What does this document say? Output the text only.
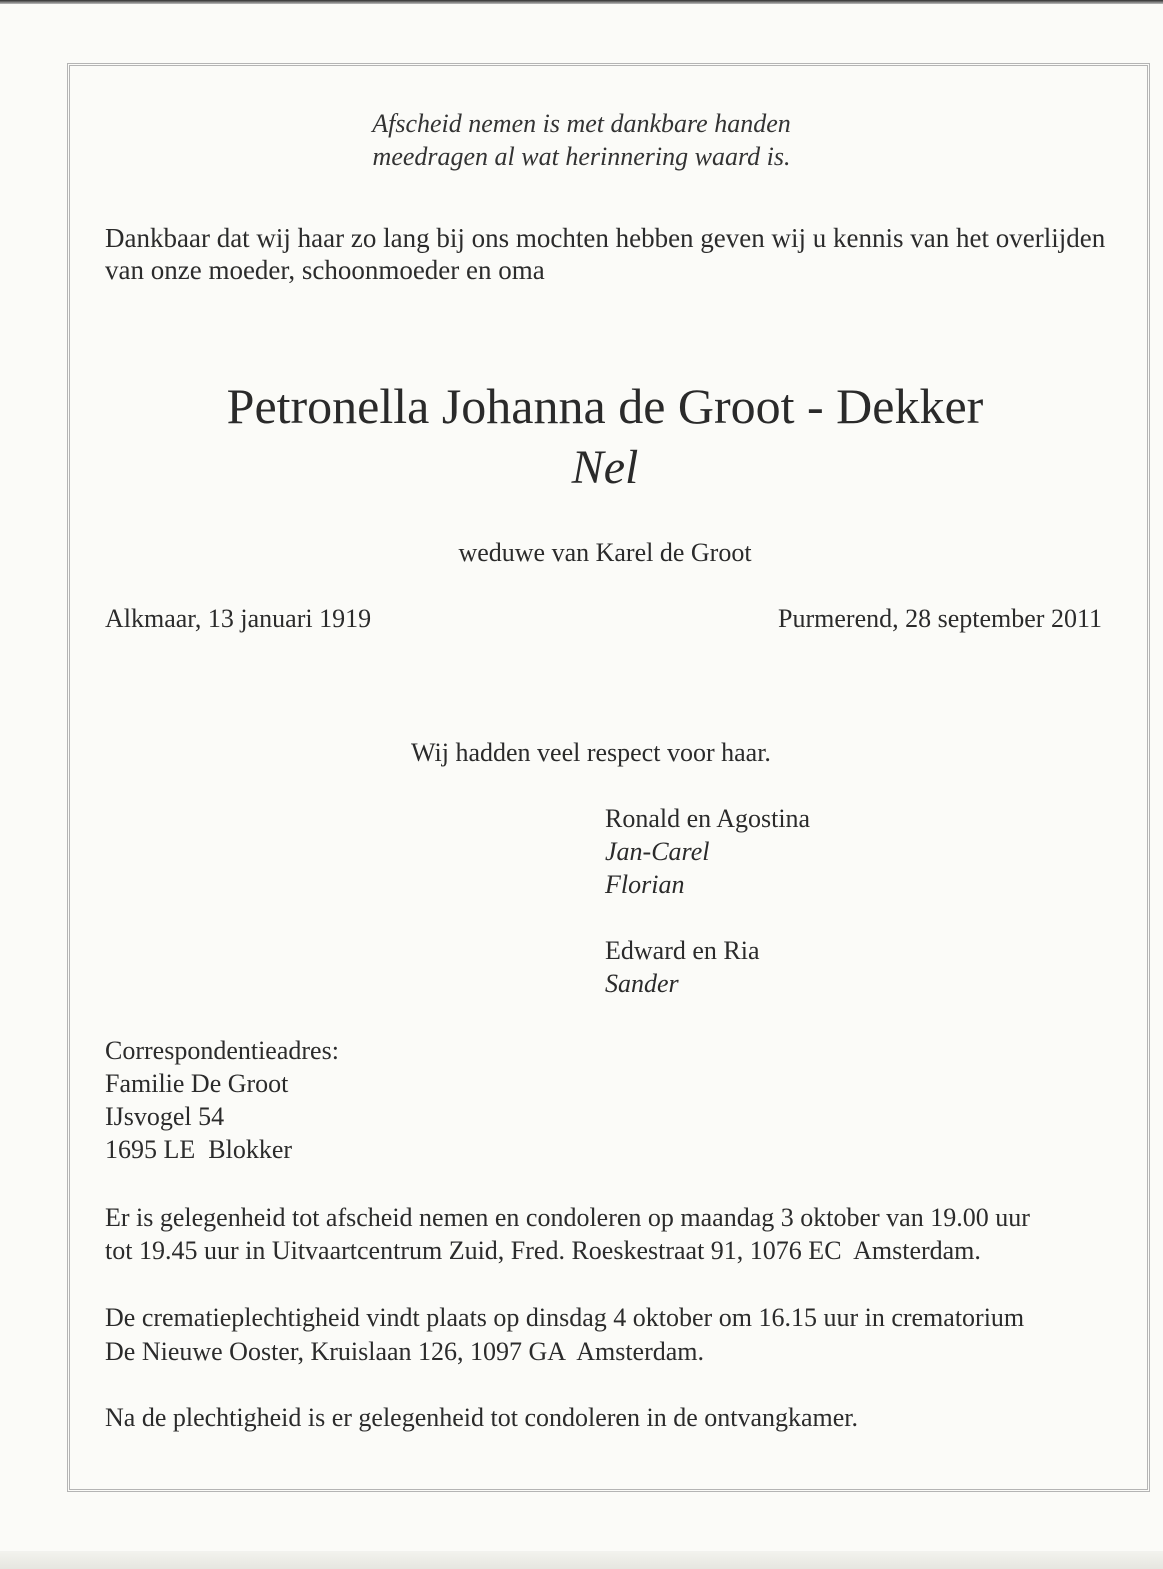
Afscheid nemen is met dankbare handen
meedragen al wat herinnering waard is.
Dankbaar dat wij haar zo lang bij ons mochten hebben geven wij u kennis van het overlijden
van onze moeder, schoonmoeder en oma
Petronella Johanna de Groot - Dekker
Nel
weduwe van Karel de Groot
Alkmaar, 13 januari 1919	Purmerend, 28 september 2011
Wij hadden veel respect voor haar.
Ronald en Agostina
Jan-Carel
Florian
Edward en Ria
Sander
Correspondentieadres:
Familie De Groot
IJsvogel 54
1695 LE  Blokker
Er is gelegenheid tot afscheid nemen en condoleren op maandag 3 oktober van 19.00 uur
tot 19.45 uur in Uitvaartcentrum Zuid, Fred. Roeskestraat 91, 1076 EC  Amsterdam.
De crematieplechtigheid vindt plaats op dinsdag 4 oktober om 16.15 uur in crematorium
De Nieuwe Ooster, Kruislaan 126, 1097 GA  Amsterdam.
Na de plechtigheid is er gelegenheid tot condoleren in de ontvangkamer.
